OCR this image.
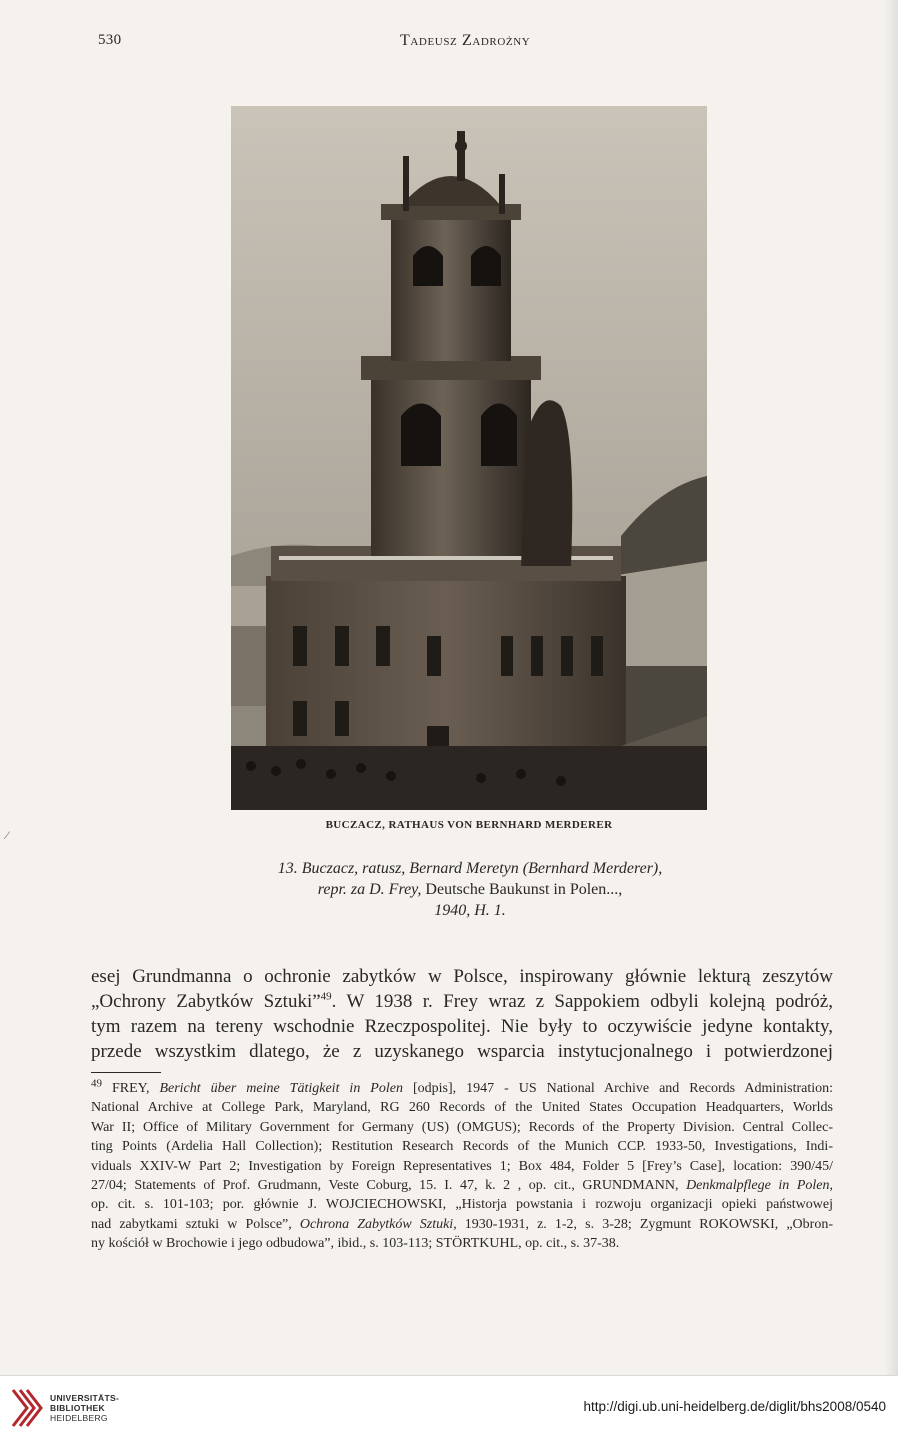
530	Tadeusz Zadrożny
BUCZACZ, RATHAUS VON BERNHARD MERDERER
13. Buczacz, ratusz, Bernard Meretyn (Bernhard Merderer),
repr. za D. Frey, Deutsche Baukunst in Polen...,
1940, H. 1.
esej Grundmanna o ochronie zabytków w Polsce, inspirowany głównie lekturą zeszytów
„Ochrony Zabytków Sztuki”$^{49}$. W 1938 r. Frey wraz z Sappokiem odbyli kolejną podróż,
tym razem na tereny wschodnie Rzeczpospolitej. Nie były to oczywiście jedyne kontakty,
przede wszystkim dlatego, że z uzyskanego wsparcia instytucjonalnego i potwierdzonej
$^{49}$ FREY, Bericht über meine Tätigkeit in Polen [odpis], 1947 - US National Archive and Records Administration:
National Archive at College Park, Maryland, RG 260 Records of the United States Occupation Headquarters, Worlds
War II; Office of Military Government for Germany (US) (OMGUS); Records of the Property Division. Central Collec-
ting Points (Ardelia Hall Collection); Restitution Research Records of the Munich CCP. 1933-50, Investigations, Indi-
viduals XXIV-W Part 2; Investigation by Foreign Representatives 1; Box 484, Folder 5 [Frey’s Case], location: 390/45/
27/04; Statements of Prof. Grudmann, Veste Coburg, 15. I. 47, k. 2 , op. cit., GRUNDMANN, Denkmalpflege in Polen,
op. cit. s. 101-103; por. głównie J. WOJCIECHOWSKI, „Historja powstania i rozwoju organizacji opieki państwowej
nad zabytkami sztuki w Polsce”, Ochrona Zabytków Sztuki, 1930-1931, z. 1-2, s. 3-28; Zygmunt ROKOWSKI, „Obron-
ny kościół w Brochowie i jego odbudowa”, ibid., s. 103-113; STÖRTKUHL, op. cit., s. 37-38.
⁄
UNIVERSITÄTS-
BIBLIOTHEK
HEIDELBERG
http://digi.ub.uni-heidelberg.de/diglit/bhs2008/0540
